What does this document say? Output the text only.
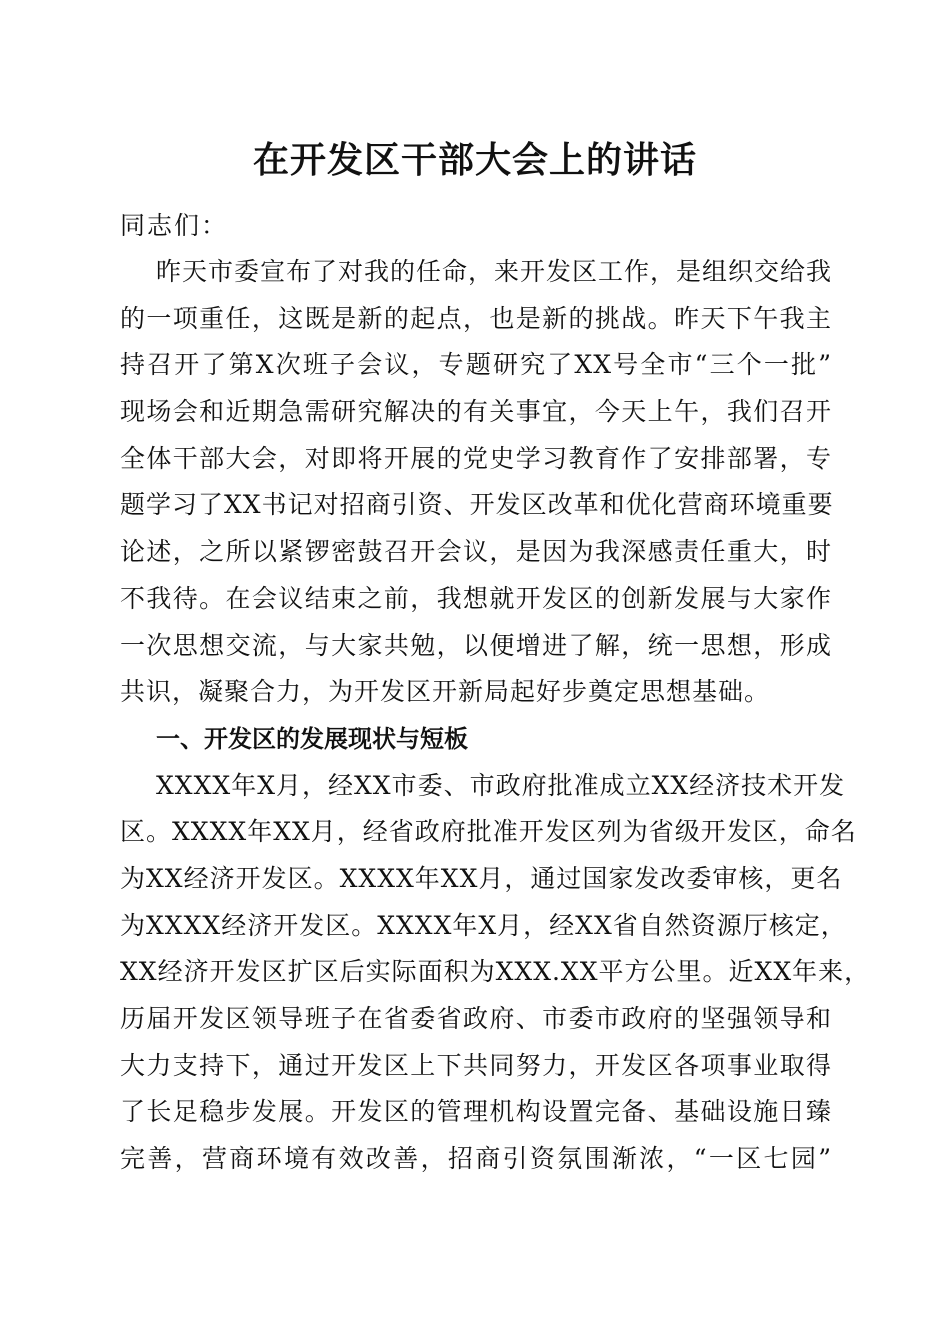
在开发区干部大会上的讲话

同志们：

昨天市委宣布了对我的任命，来开发区工作，是组织交给我
的一项重任，这既是新的起点，也是新的挑战。昨天下午我主
持召开了第X次班子会议，专题研究了XX号全市“三个一批”
现场会和近期急需研究解决的有关事宜，今天上午，我们召开
全体干部大会，对即将开展的党史学习教育作了安排部署，专
题学习了XX书记对招商引资、开发区改革和优化营商环境重要
论述，之所以紧锣密鼓召开会议，是因为我深感责任重大，时
不我待。在会议结束之前，我想就开发区的创新发展与大家作
一次思想交流，与大家共勉，以便增进了解，统一思想，形成
共识，凝聚合力，为开发区开新局起好步奠定思想基础。
一、开发区的发展现状与短板
XXXX年X月，经XX市委、市政府批准成立XX经济技术开发
区。XXXX年XX月，经省政府批准开发区列为省级开发区，命名
为XX经济开发区。XXXX年XX月，通过国家发改委审核，更名
为XXXX经济开发区。XXXX年X月，经XX省自然资源厅核定，
XX经济开发区扩区后实际面积为XXX.XX平方公里。近XX年来，
历届开发区领导班子在省委省政府、市委市政府的坚强领导和
大力支持下，通过开发区上下共同努力，开发区各项事业取得
了长足稳步发展。开发区的管理机构设置完备、基础设施日臻
完善，营商环境有效改善，招商引资氛围渐浓，“一区七园”
